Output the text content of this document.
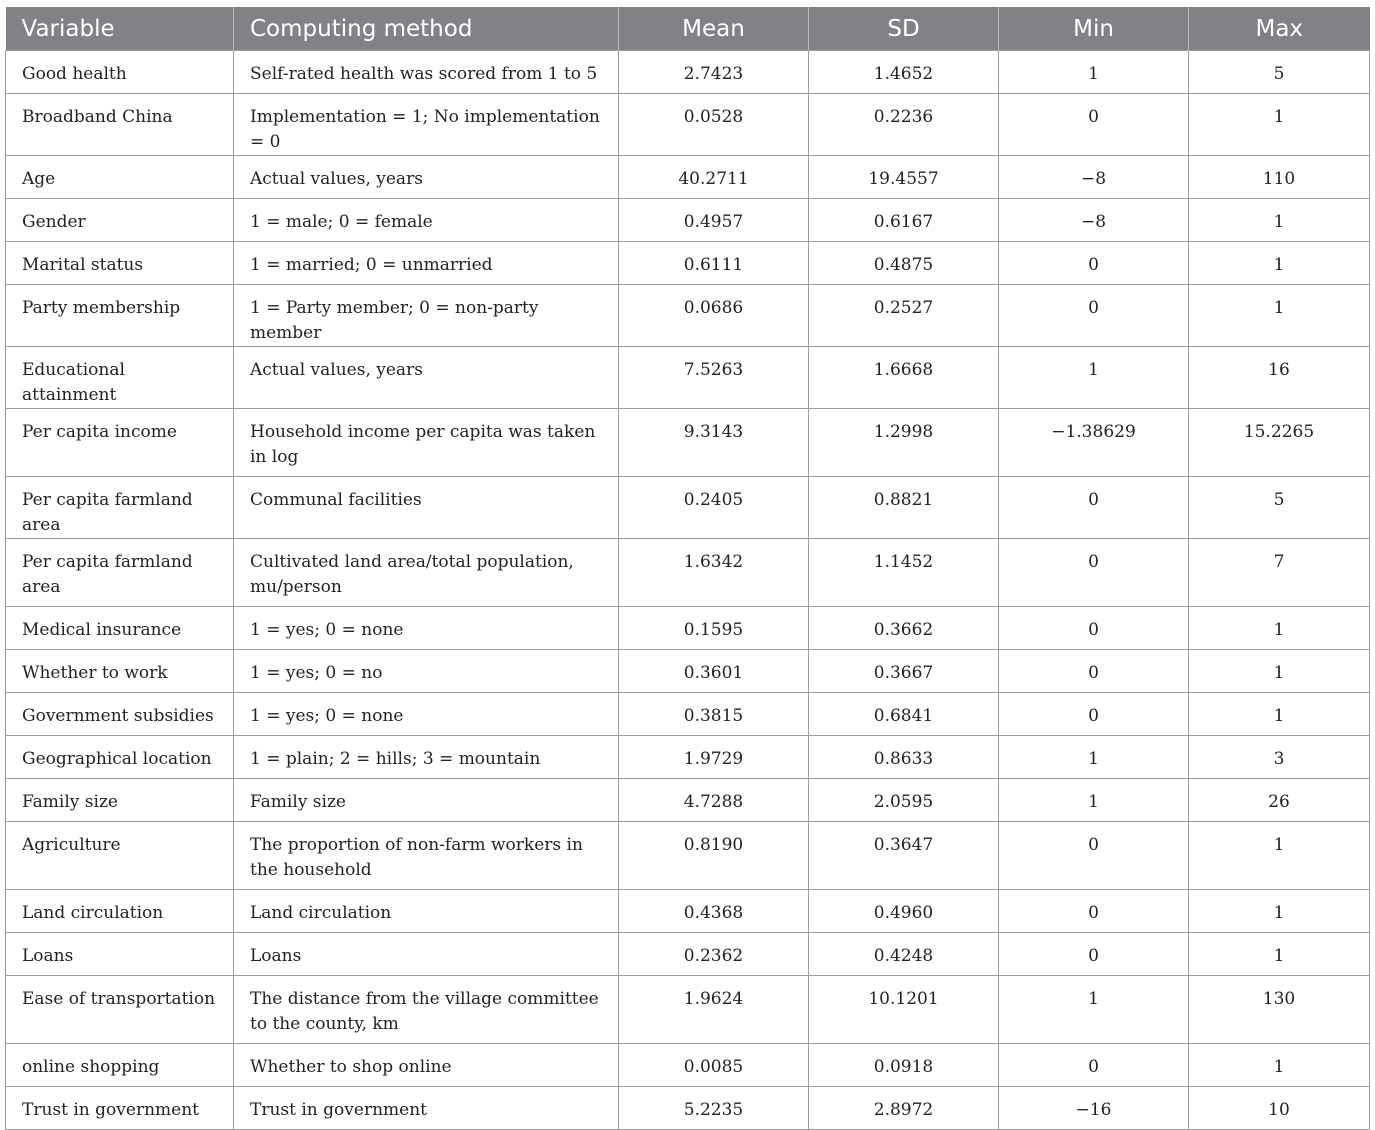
Variable	Computing method	Mean	SD	Min	Max
Good health	Self-rated health was scored from 1 to 5	2.7423	1.4652	1	5
Broadband China	Implementation = 1; No implementation = 0	0.0528	0.2236	0	1
Age	Actual values, years	40.2711	19.4557	−8	110
Gender	1 = male; 0 = female	0.4957	0.6167	−8	1
Marital status	1 = married; 0 = unmarried	0.6111	0.4875	0	1
Party membership	1 = Party member; 0 = non-party member	0.0686	0.2527	0	1
Educational attainment	Actual values, years	7.5263	1.6668	1	16
Per capita income	Household income per capita was taken in log	9.3143	1.2998	−1.38629	15.2265
Per capita farmland area	Communal facilities	0.2405	0.8821	0	5
Per capita farmland area	Cultivated land area/total population, mu/person	1.6342	1.1452	0	7
Medical insurance	1 = yes; 0 = none	0.1595	0.3662	0	1
Whether to work	1 = yes; 0 = no	0.3601	0.3667	0	1
Government subsidies	1 = yes; 0 = none	0.3815	0.6841	0	1
Geographical location	1 = plain; 2 = hills; 3 = mountain	1.9729	0.8633	1	3
Family size	Family size	4.7288	2.0595	1	26
Agriculture	The proportion of non-farm workers in the household	0.8190	0.3647	0	1
Land circulation	Land circulation	0.4368	0.4960	0	1
Loans	Loans	0.2362	0.4248	0	1
Ease of transportation	The distance from the village committee to the county, km	1.9624	10.1201	1	130
online shopping	Whether to shop online	0.0085	0.0918	0	1
Trust in government	Trust in government	5.2235	2.8972	−16	10
